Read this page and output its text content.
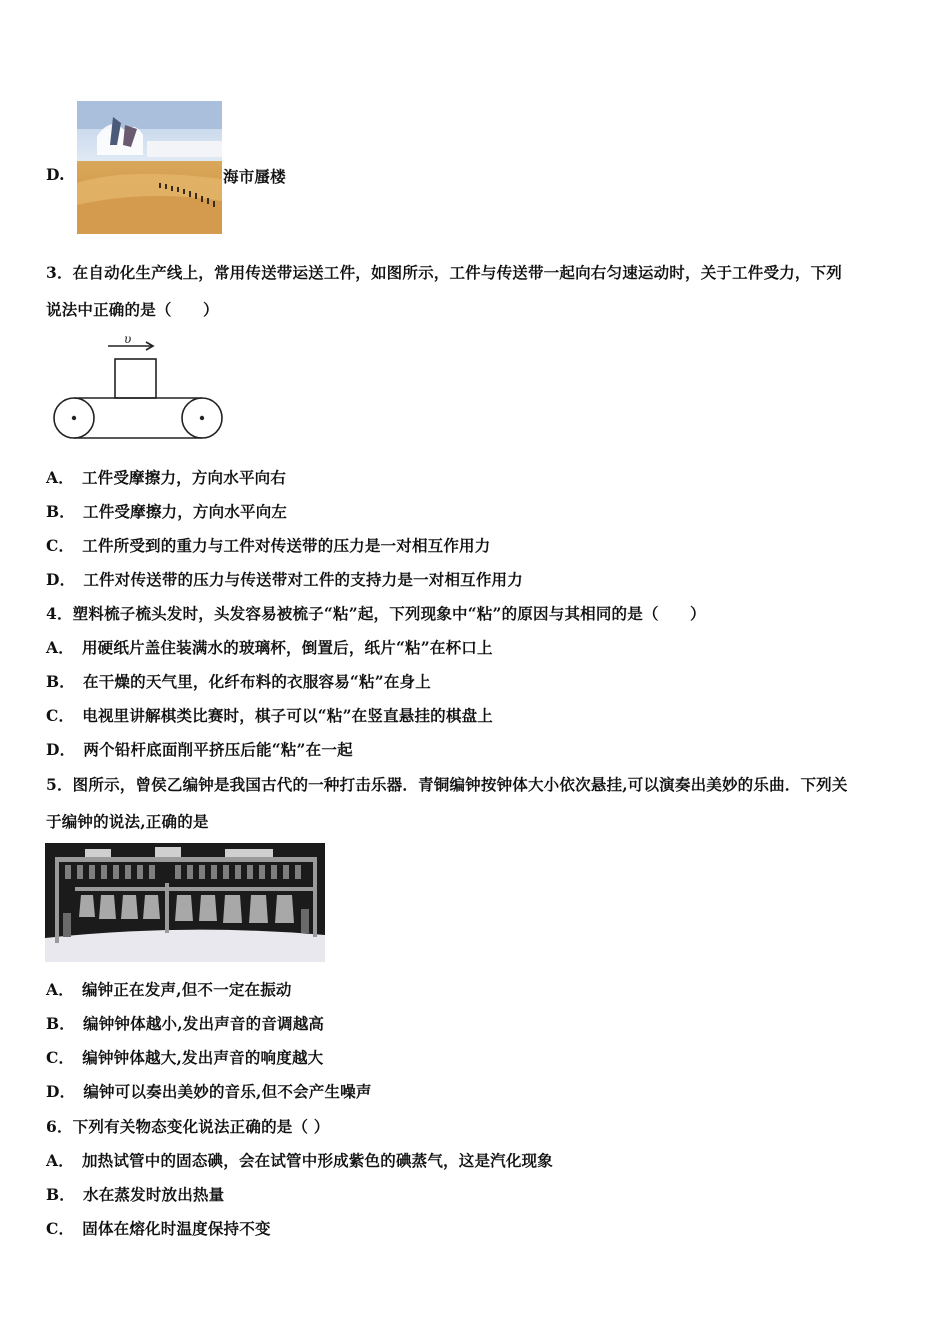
D.	海市蜃楼
3．在自动化生产线上，常用传送带运送工件，如图所示，工件与传送带一起向右匀速运动时，关于工件受力，下列
说法中正确的是（　　）
υ
A． 工件受摩擦力，方向水平向右
B． 工件受摩擦力，方向水平向左
C． 工件所受到的重力与工件对传送带的压力是一对相互作用力
D． 工件对传送带的压力与传送带对工件的支持力是一对相互作用力
4．塑料梳子梳头发时，头发容易被梳子“粘”起，下列现象中“粘”的原因与其相同的是（　　）
A． 用硬纸片盖住装满水的玻璃杯，倒置后，纸片“粘”在杯口上
B． 在干燥的天气里，化纤布料的衣服容易“粘”在身上
C． 电视里讲解棋类比赛时，棋子可以“粘”在竖直悬挂的棋盘上
D． 两个铅杆底面削平挤压后能“粘”在一起
5．图所示，曾侯乙编钟是我国古代的一种打击乐器．青铜编钟按钟体大小依次悬挂,可以演奏出美妙的乐曲．下列关
于编钟的说法,正确的是
A． 编钟正在发声,但不一定在振动
B． 编钟钟体越小,发出声音的音调越高
C． 编钟钟体越大,发出声音的响度越大
D． 编钟可以奏出美妙的音乐,但不会产生噪声
6．下列有关物态变化说法正确的是（ ）
A． 加热试管中的固态碘，会在试管中形成紫色的碘蒸气，这是汽化现象
B． 水在蒸发时放出热量
C． 固体在熔化时温度保持不变
